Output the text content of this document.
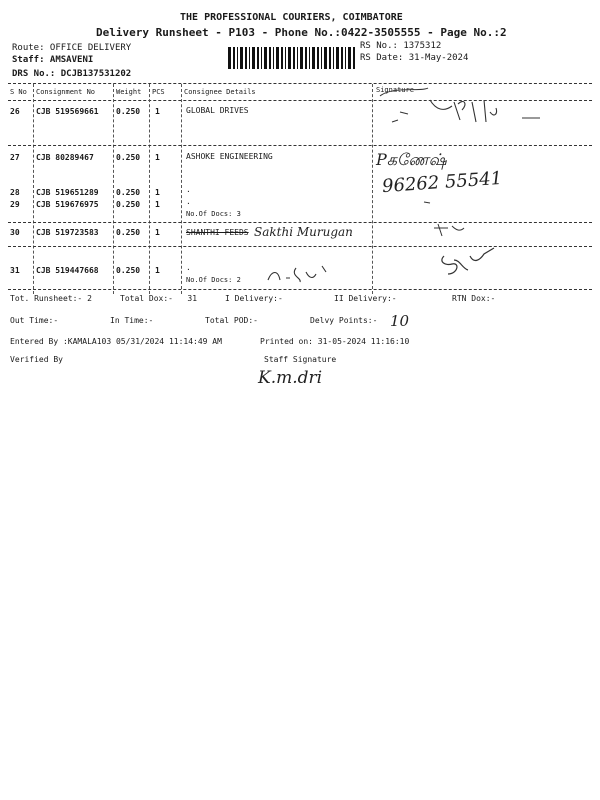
THE PROFESSIONAL COURIERS, COIMBATORE
Delivery Runsheet - P103 - Phone No.:0422-3505555 - Page No.:2
Route: OFFICE DELIVERY
Staff: AMSAVENI
DRS No.: DCJB137531202
RS No.: 1375312
RS Date: 31-May-2024
S No Consignment No	Weight PCS	Consignee Details	Signature
26 CJB 519569661 0.250 1	GLOBAL DRIVES
27 CJB 80289467	0.250 1	ASHOKE ENGINEERING
28 CJB 519651289 0.250 1	.
29 CJB 519676975 0.250 1	.
No.Of Docs: 3
30 CJB 519723583 0.250 1	SHANTHI FEEDS
31 CJB 519447668 0.250 1	.
No.Of Docs: 2
Tot. Runsheet:- 2	Total Dox:-   31	I Delivery:-	II Delivery:-	RTN Dox:-
Out Time:-	In Time:-	Total POD:-	Delvy Points:-
Entered By :KAMALA103 05/31/2024 11:14:49 AM	Printed on: 31-05-2024 11:16:10
Verified By	Staff Signature
Pகணேஷ்
96262 55541
Sakthi Murugan
10
K.m.dri
